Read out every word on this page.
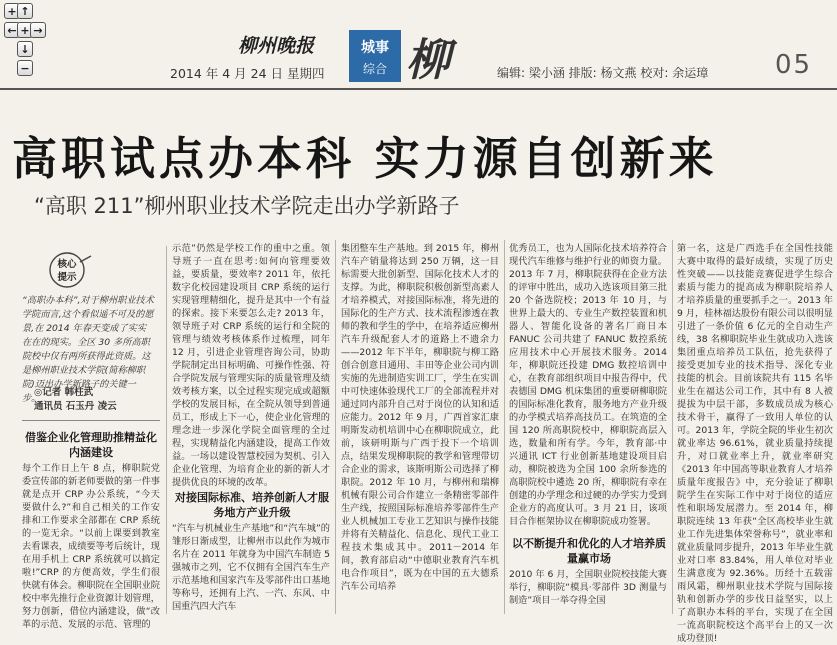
+ ↑
← + →
↓
−
柳州晚报
2014 年 4 月 24 日 星期四
城事
综合 柳	编辑: 梁小涵 排版: 杨文燕 校对: 余运璋	05
高职试点办本科 实力源自创新来
“高职 211”柳州职业技术学院走出办学新路子
核心
提示
“高职办本科”,对于柳州职业技术学院而言,这个看似遥不可及的愿景,在 2014 年春天变成了实实在在的现实。全区 30 多所高职院校中仅有两所获得此资质。这是柳州职业技术学院(简称柳职院)迈出办学新路子的关键一步。
◎记者 韩柱武
通讯员 石玉丹 凌云
借鉴企业化管理助推精益化内涵建设
每个工作日上午 8 点，柳职院党委宣传部的新老师要做的第一件事就是点开 CRP 办公系统，“今天要做什么?”和自己相关的工作安排和工作要求全部都在 CRP 系统的一览无余。“以前上课要到教室去看课表，成绩要等考后统计，现在用手机上 CRP 系统就可以搞定啦!”CRP 的方便高效，学生们很快就有体会。柳职院在全国职业院校中率先推行企业资源计划管理，努力创新，借位内涵建设，做“改革的示范、发展的示范、管理的
示范”仍然是学校工作的重中之重。领导班子一直在思考:如何向管理要效益，要质量，要效率? 2011 年，依托数字化校园建设项目 CRP 系统的运行实现管理精细化，提升是其中一个有益的探索。接下来要怎么走? 2013 年，领导班子对 CRP 系统的运行和全院的管理与绩效考核体系作过梳理，同年 12 月，引进企业管理咨询公司，协助学院制定出目标明确、可操作性强、符合学院发展与管理实际的质量管理及绩效考核方案，以全过程实现完成或超额学校的发展目标，在全院从领导到普通员工，形成上下一心，使企业化管理的理念进一步深化学院全面管理的全过程，实现精益化内涵建设，提高工作效益。一场以建设智慧校园为契机、引入企业化管理、为培育企业的新的新人才提供优良的环境的改革。
对接国际标准、培养创新人才服务地方产业升级
“汽车与机械业生产基地”和“汽车城”的雏形日渐成型，让柳州市以此作为城市名片在 2011 年就身为中国汽车制造 5 强城市之列，它不仅拥有全国汽车生产示范基地和国家汽车及零部件出口基地等称号，还拥有上汽、一汽、东风、中国重汽四大汽车
集团整车生产基地。到 2015 年，柳州汽车产销量将达到 250 万辆，这一目标需要大批创新型、国际化技术人才的支撑。为此，柳职院积极创新型高素人才培养模式，对接国际标准，将先进的国际化的生产方式、技术流程渗透在教师的教和学生的学中，在培养适应柳州汽车升级配套人才的道路上不遗余力——2012 年下半年，柳职院与柳工路创合创意目通用、丰田等企业公司内训实施的先进制造实训工厂，学生在实训中可快速体验现代工厂的全部流程并对通过同内部升自己对于岗位的认知和适应能力。2012 年 9 月，广西首家汇康明斯发动机培训中心在柳职院成立，此前，该研明斯与广西于投下一个培训点，结果发现柳职院的教学和管理带切合企业的需求，该斯明斯公司选择了柳职院。2012 年 10 月，与柳州和瑞柳机械有限公司合作建立一条精密零部件生产线，按照国际标准培养零部件生产业人机械加工专业工艺知识与操作技能并将有关精益化、信息化、现代工业工程技术集成其中。2011－2014 年间，教育部启动“中德职业教育汽车机电合作项目”，既为在中国的五大德系汽车公司培养
优秀员工，也为人国际化技术培养符合现代汽车维修与维护行业的师资力量。2013 年 7 月，柳职院获得在企业方法的评审中胜出，成功入选该项目第三批 20 个备选院校；2013 年 10 月，与世界上最大的、专业生产数控装置和机器人、智能化设备的著名厂商日本 FANUC 公司共建了 FANUC 数控系统应用技术中心开展技术服务。2014 年，柳职院还投建 DMG 数控培训中心，在教育部组织项目中报告得中，代表德国 DMG 机床集团的重要研柳职院的国际标准化教育，服务地方产业升级的办学模式培养高技员工。在筑造的全国 120 所高职院校中，柳职院高层入选，数量和所有学。今年，教育部·中兴通讯 ICT 行业创新基地建设项目启动，柳院被选为全国 100 余所参选的高职院校中遴选 20 所，柳职院有幸在创建的办学理念和过硬的办学实力受到企业方的高度认可。3 月 21 日，该项目合作框架协议在柳职院成功签署。
以不断提升和优化的人才培养质量赢市场
2010 年 6 月，全国职业院校技能大赛举行，柳职院“模具·零部件 3D 测量与制造”项目一举夺得全国
第一名，这是广西选手在全国性技能大赛中取得的最好成绩，实现了历史性突破——以技能竞赛促进学生综合素质与能力的提高成为柳职院培养人才培养质量的重要抓手之一。2013 年 9 月，桂林福达股份有限公司以很明显引进了一条价值 6 亿元的全自动生产线，38 名柳职院毕业生就成功入选该集团重点培养员工队伍，抢先获得了接受更加专业的技术指导、深化专业技能的机会。目前该院共有 115 名毕业生在福达公司工作，其中有 8 人被提拔为中层干部，多数成员成为核心技术骨干，赢得了一致用人单位的认可。2013 年，学院全院的毕业生初次就业率达 96.61%，就业质量持续提升，对口就业率上升，就业率研究《2013 年中国高等职业教育人才培养质量年度报告》中，充分验证了柳职院学生在实际工作中对于岗位的适应性和职场发展潜力。至 2014 年，柳职院连续 13 年获“全区高校毕业生就业工作先进集体荣誉称号”，就业率和就业质量同步提升，2013 年毕业生就业对口率 83.84%，用人单位对毕业生满意度为 92.36%。历经十五载雷雨风霜，柳州职业技术学院与国际接轨和创新办学的步伐日益坚实，以上了高职办本科的平台，实现了在全国一流高职院校这个高平台上的又一次成功登顶!
